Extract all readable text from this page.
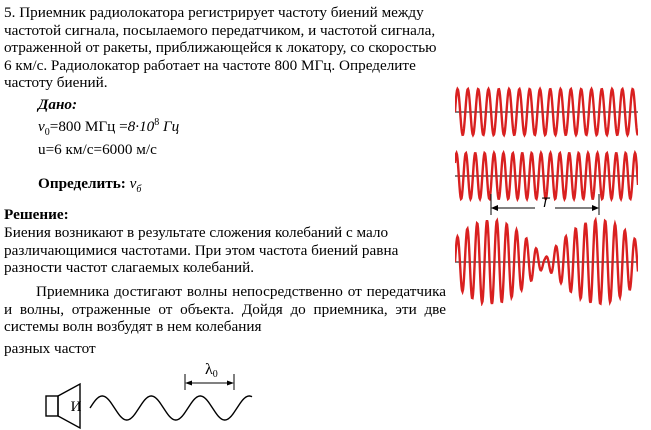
5. Приемник радиолокатора регистрирует частоту биений между частотой сигнала, посылаемого передатчиком, и частотой сигнала, отраженной от ракеты, приближающейся к локатору, со скоростью 6 км/с. Радиолокатор работает на частоте 800 МГц. Определите

частоту биений.

Дано:
$\nu_0=800$ МГц $=8\cdot 10^8$ Гц
u=6 км/с=6000 м/с
Определить: $\nu_б$
Решение:

Биения возникают в результате сложения колебаний с мало различающимися частотами. При этом частота биений равна разности частот слагаемых колебаний.

Приемника достигают волны непосредственно от передатчика и волны, отраженные от объекта. Дойдя до приемника, эти две системы волн возбудят в нем колебания

разных частот

T
И
λ0
